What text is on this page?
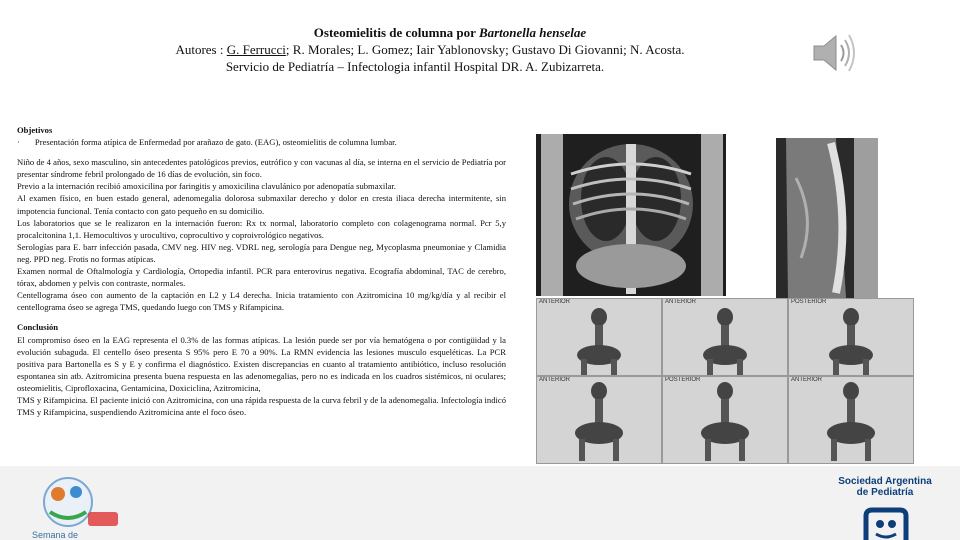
Osteomielitis de columna por Bartonella henselae
Autores : G. Ferrucci; R. Morales; L. Gomez; Iair Yablonovsky; Gustavo Di Giovanni; N. Acosta.
Servicio de Pediatría – Infectologia infantil Hospital DR. A. Zubizarreta.

Objetivos

· Presentación forma atípica de Enfermedad por arañazo de gato. (EAG), osteomielitis de columna lumbar.

Niño de 4 años, sexo masculino, sin antecedentes patológicos previos, eutrófico y con vacunas al día, se interna en el servicio de Pediatría por presentar síndrome febril prolongado de 16 días de evolución, sin foco.

Previo a la internación recibió amoxicilina por faringitis y amoxicilina clavulánico por adenopatía submaxilar.

Al examen físico, en buen estado general, adenomegalia dolorosa submaxilar derecho y dolor en cresta iliaca derecha intermitente, sin impotencia funcional. Tenía contacto con gato pequeño en su domicilio.

Los laboratorios que se le realizaron en la internación fueron: Rx tx normal, laboratorio completo con colagenograma normal. Pcr 5,y procalcitonina 1,1. Hemocultivos y urocultivo, coprocultivo y coproivrológico negativos.

Serologías para E. barr infección pasada, CMV neg. HIV neg. VDRL neg, serología para Dengue neg, Mycoplasma pneumoniae y Clamidia neg. PPD neg. Frotis no formas atípicas.

Examen normal de Oftalmología y Cardiología, Ortopedia infantil. PCR para enterovirus negativa. Ecografía abdominal, TAC de cerebro, tórax, abdomen y pelvis con contraste, normales.

Centellograma óseo con aumento de la captación en L2 y L4 derecha. Inicia tratamiento con Azitromicina 10 mg/kg/día y al recibir el centellograma óseo se agrega TMS, quedando luego con TMS y Rifampicina.

Conclusión

El compromiso óseo en la EAG representa el 0.3% de las formas atípicas. La lesión puede ser por vía hematógena o por contigüidad y la evolución subaguda. El centello óseo presenta S 95% pero E 70 a 90%. La RMN evidencia las lesiones musculo esqueléticas. La PCR positiva para Bartonella es S y E y confirma el diagnóstico. Existen discrepancias en cuanto al tratamiento antibiótico, incluso resolución espontanea sin atb. Azitromicina presenta buena respuesta en las adenomegalias, pero no es indicada en los cuadros sistémicos, ni oculares; osteomielitis, Ciprofloxacina, Gentamicina, Doxiciclina, Azitromicina,

TMS y Rifampicina. El paciente inició con Azitromicina, con una rápida respuesta de la curva febril y de la adenomegalia. Infectología indicó TMS y Rifampicina, suspendiendo Azitromicina ante el foco óseo.

ANTERIOR	ANTERIOR	POSTERIOR
ANTERIOR	POSTERIOR	ANTERIOR
Semana de
Sociedad Argentina
de Pediatría
